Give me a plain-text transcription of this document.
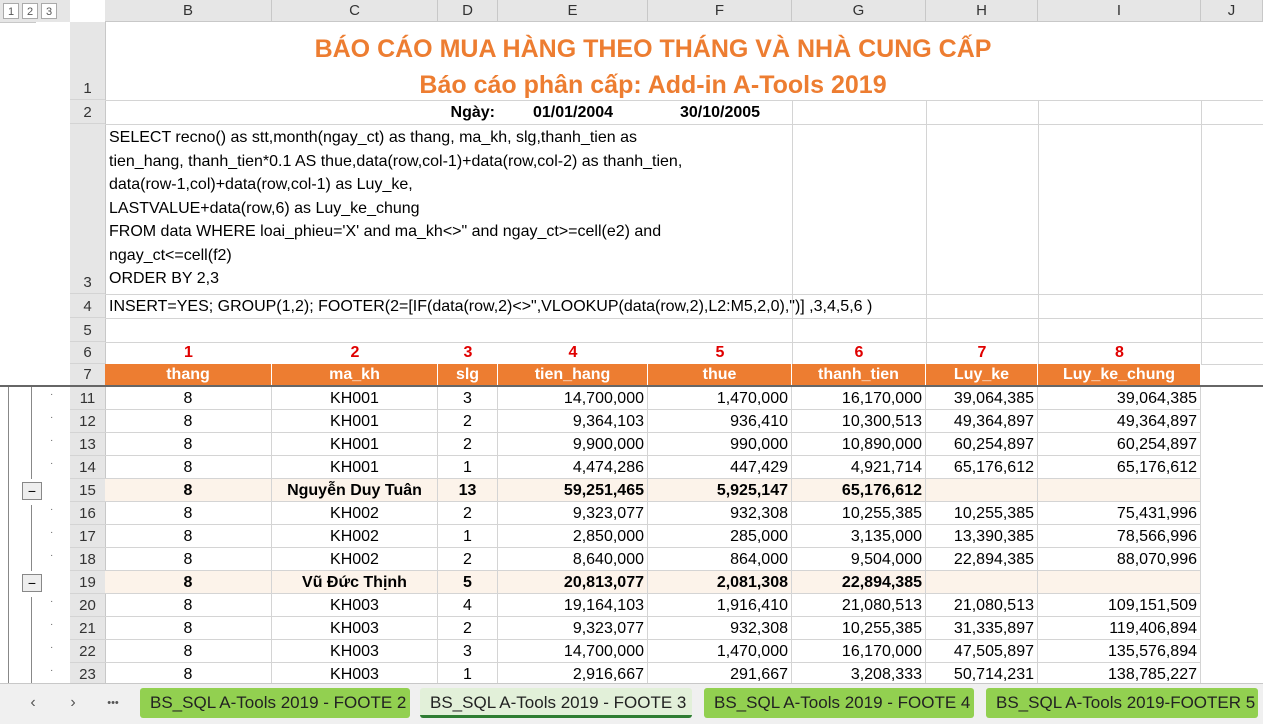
1	2	3	B	C	D	E	F	G	H	I	J
1
2
3
4
5
6
7
BÁO CÁO MUA HÀNG THEO THÁNG VÀ NHÀ CUNG CẤP
Báo cáo phân cấp: Add-in A-Tools 2019
Ngày:	01/01/2004	30/10/2005
SELECT recno() as stt,month(ngay_ct) as thang, ma_kh, slg,thanh_tien as
tien_hang, thanh_tien*0.1 AS thue,data(row,col-1)+data(row,col-2) as thanh_tien,
data(row-1,col)+data(row,col-1) as Luy_ke,
LASTVALUE+data(row,6) as Luy_ke_chung
FROM data WHERE loai_phieu='X' and ma_kh<>" and ngay_ct>=cell(e2) and
ngay_ct<=cell(f2)
ORDER BY 2,3
INSERT=YES; GROUP(1,2); FOOTER(2=[IF(data(row,2)<>",VLOOKUP(data(row,2),L2:M5,2,0),")] ,3,4,5,6 )
1	2	3	4	5	6	7	8
thang	ma_kh	slg	tien_hang	thue	thanh_tien	Luy_ke	Luy_ke_chung
11
·	8	KH001	3	14,700,000	1,470,000	16,170,000	39,064,385	39,064,385
12
·	8	KH001	2	9,364,103	936,410	10,300,513	49,364,897	49,364,897
13
·	8	KH001	2	9,900,000	990,000	10,890,000	60,254,897	60,254,897
14
·	8	KH001	1	4,474,286	447,429	4,921,714	65,176,612	65,176,612
15
−	8	Nguyễn Duy Tuân	13	59,251,465	5,925,147	65,176,612
16
·	8	KH002	2	9,323,077	932,308	10,255,385	10,255,385	75,431,996
17
·	8	KH002	1	2,850,000	285,000	3,135,000	13,390,385	78,566,996
18
·	8	KH002	2	8,640,000	864,000	9,504,000	22,894,385	88,070,996
19
−	8	Vũ Đức Thịnh	5	20,813,077	2,081,308	22,894,385
20
·	8	KH003	4	19,164,103	1,916,410	21,080,513	21,080,513	109,151,509
21
·	8	KH003	2	9,323,077	932,308	10,255,385	31,335,897	119,406,894
22
·	8	KH003	3	14,700,000	1,470,000	16,170,000	47,505,897	135,576,894
23
·	8	KH003	1	2,916,667	291,667	3,208,333	50,714,231	138,785,227
‹	›	•••	BS_SQL A-Tools 2019 - FOOTE 2	BS_SQL A-Tools 2019 - FOOTE 3	BS_SQL A-Tools 2019 - FOOTE 4	BS_SQL A-Tools 2019-FOOTER 5
